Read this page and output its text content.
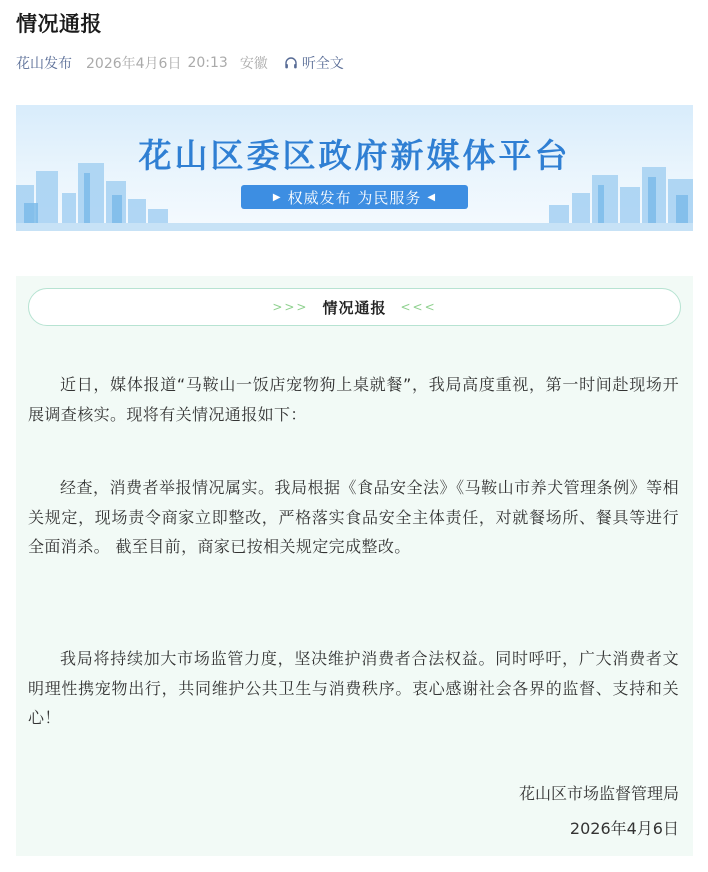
情况通报
花山发布 2026年4月6日 20:13 安徽 听全文
花山区委区政府新媒体平台
▶ 权威发布 为民服务 ◀
>>> 情况通报 <<<

近日，媒体报道“马鞍山一饭店宠物狗上桌就餐”，我局高度重视，第一时间赴现场开展调查核实。现将有关情况通报如下：

经查，消费者举报情况属实。我局根据《食品安全法》《马鞍山市养犬管理条例》等相关规定，现场责令商家立即整改，严格落实食品安全主体责任，对就餐场所、餐具等进行全面消杀。 截至目前，商家已按相关规定完成整改。

我局将持续加大市场监管力度，坚决维护消费者合法权益。同时呼吁，广大消费者文明理性携宠物出行，共同维护公共卫生与消费秩序。衷心感谢社会各界的监督、支持和关心！

花山区市场监督管理局
2026年4月6日
